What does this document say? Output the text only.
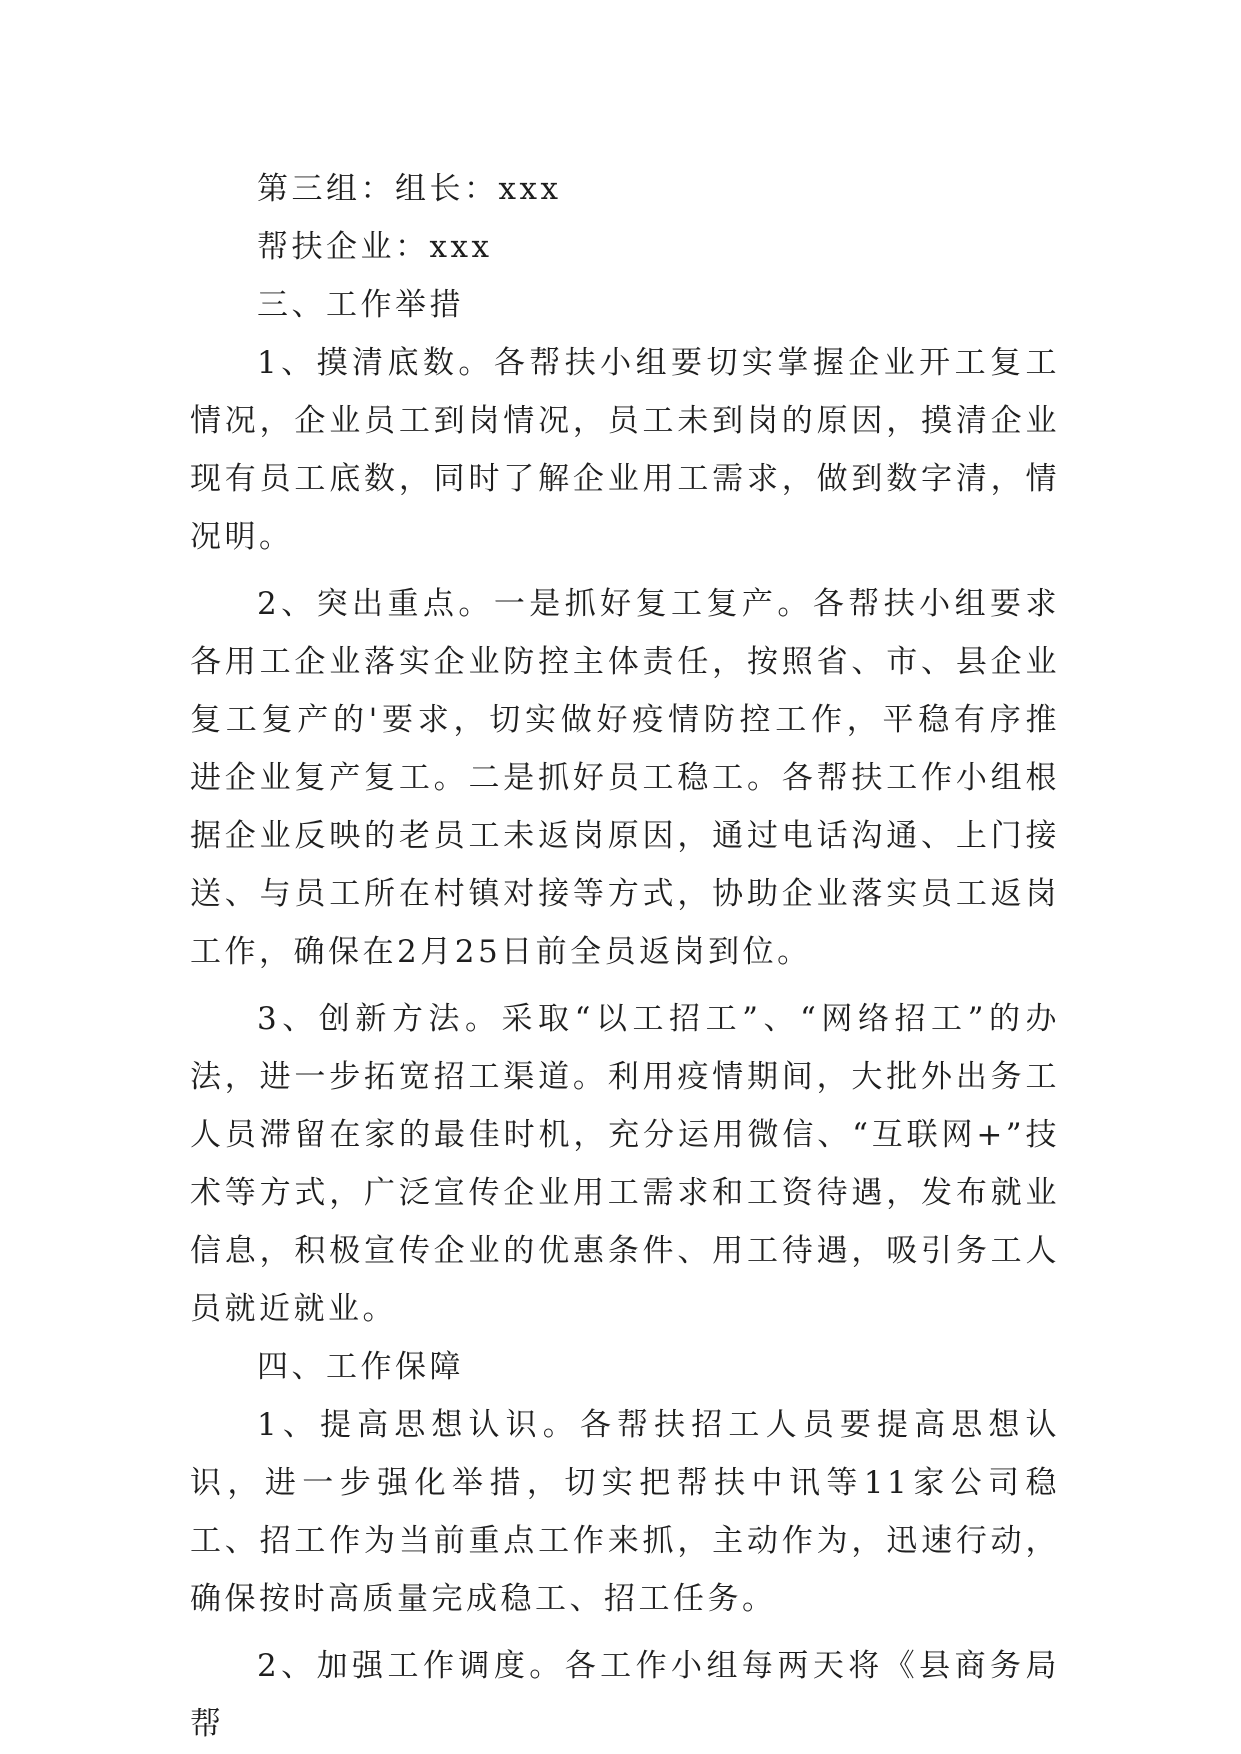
第三组：组长：xxx

帮扶企业：xxx

三、工作举措

1、摸清底数。各帮扶小组要切实掌握企业开工复工情况，企业员工到岗情况，员工未到岗的原因，摸清企业现有员工底数，同时了解企业用工需求，做到数字清，情况明。

2、突出重点。一是抓好复工复产。各帮扶小组要求各用工企业落实企业防控主体责任，按照省、市、县企业复工复产的'要求，切实做好疫情防控工作，平稳有序推进企业复产复工。二是抓好员工稳工。各帮扶工作小组根据企业反映的老员工未返岗原因，通过电话沟通、上门接送、与员工所在村镇对接等方式，协助企业落实员工返岗工作，确保在2月25日前全员返岗到位。

3、创新方法。采取“以工招工”、“网络招工”的办法，进一步拓宽招工渠道。利用疫情期间，大批外出务工人员滞留在家的最佳时机，充分运用微信、“互联网+”技术等方式，广泛宣传企业用工需求和工资待遇，发布就业信息，积极宣传企业的优惠条件、用工待遇，吸引务工人员就近就业。

四、工作保障

1、提高思想认识。各帮扶招工人员要提高思想认识，进一步强化举措，切实把帮扶中讯等11家公司稳工、招工作为当前重点工作来抓，主动作为，迅速行动，确保按时高质量完成稳工、招工任务。

2、加强工作调度。各工作小组每两天将《县商务局帮
